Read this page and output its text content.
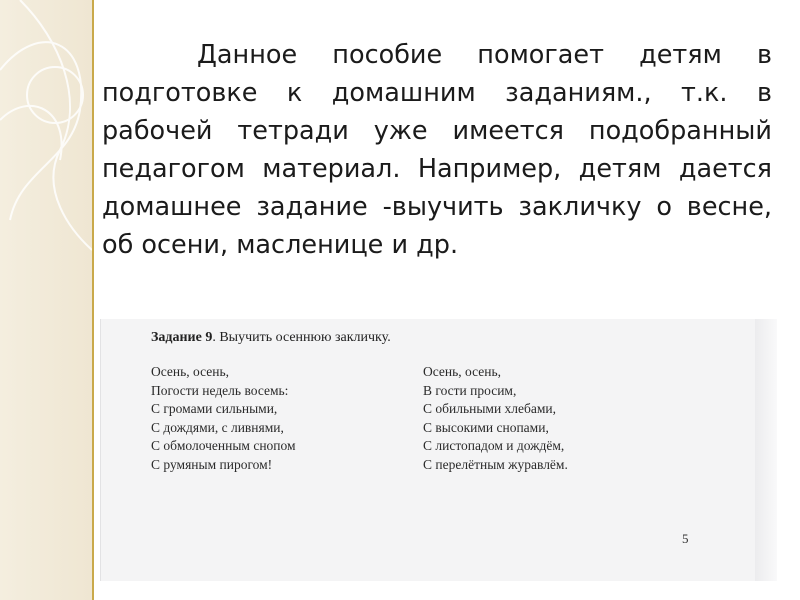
Данное пособие помогает детям в подготовке к домашним заданиям., т.к. в рабочей тетради уже имеется подобранный педагогом материал. Например, детям дается домашнее задание -выучить закличку о весне, об осени, масленице и др.

Задание 9. Выучить осеннюю закличку.

Осень, осень,
Погости недель восемь:
С громами сильными,
С дождями, с ливнями,
С обмолоченным снопом
С румяным пирогом!
Осень, осень,
В гости просим,
С обильными хлебами,
С высокими снопами,
С листопадом и дождём,
С перелётным журавлём.
5
